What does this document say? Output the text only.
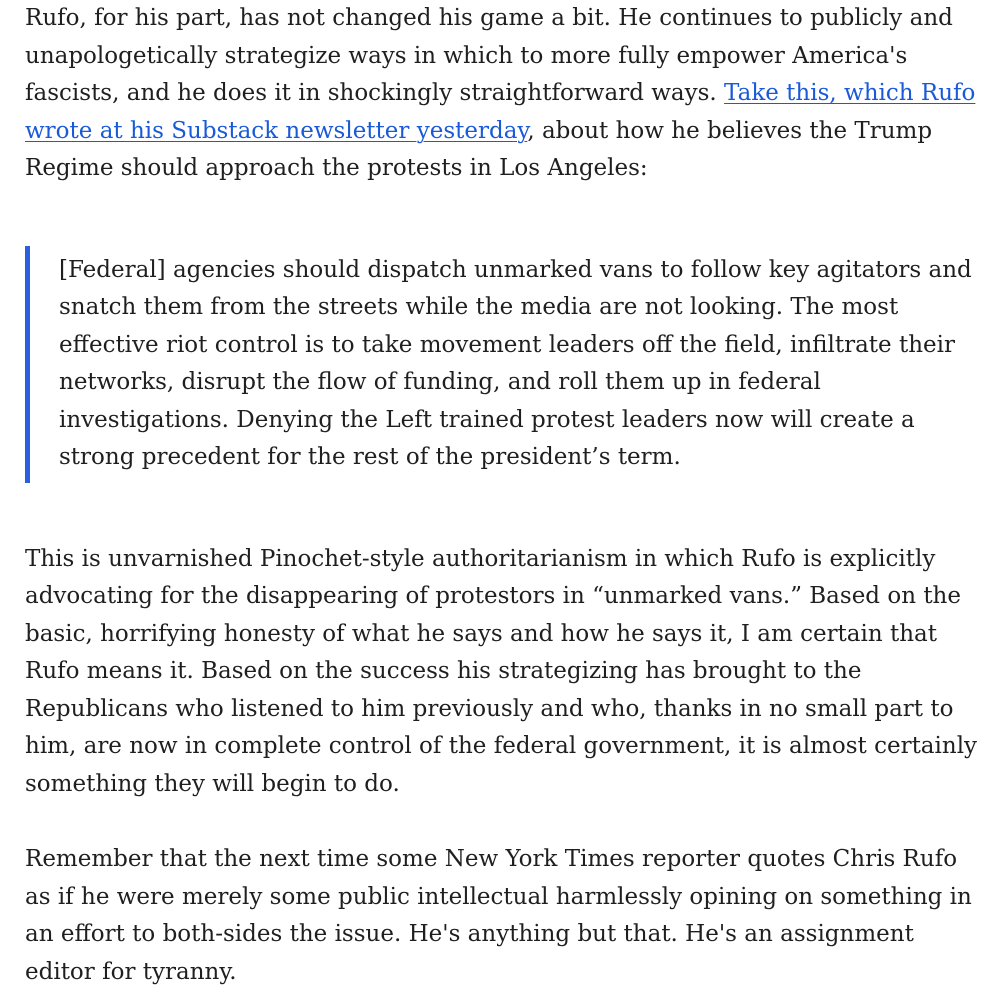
Rufo, for his part, has not changed his game a bit. He continues to publicly and unapologetically strategize ways in which to more fully empower America's fascists, and he does it in shockingly straightforward ways. Take this, which Rufo wrote at his Substack newsletter yesterday, about how he believes the Trump Regime should approach the protests in Los Angeles:

[Federal] agencies should dispatch unmarked vans to follow key agitators and snatch them from the streets while the media are not looking. The most effective riot control is to take movement leaders off the field, infiltrate their networks, disrupt the flow of funding, and roll them up in federal investigations. Denying the Left trained protest leaders now will create a strong precedent for the rest of the president’s term.

This is unvarnished Pinochet-style authoritarianism in which Rufo is explicitly advocating for the disappearing of protestors in “unmarked vans.” Based on the basic, horrifying honesty of what he says and how he says it, I am certain that Rufo means it. Based on the success his strategizing has brought to the Republicans who listened to him previously and who, thanks in no small part to him, are now in complete control of the federal government, it is almost certainly something they will begin to do.

Remember that the next time some New York Times reporter quotes Chris Rufo as if he were merely some public intellectual harmlessly opining on something in an effort to both-sides the issue. He's anything but that. He's an assignment editor for tyranny.
